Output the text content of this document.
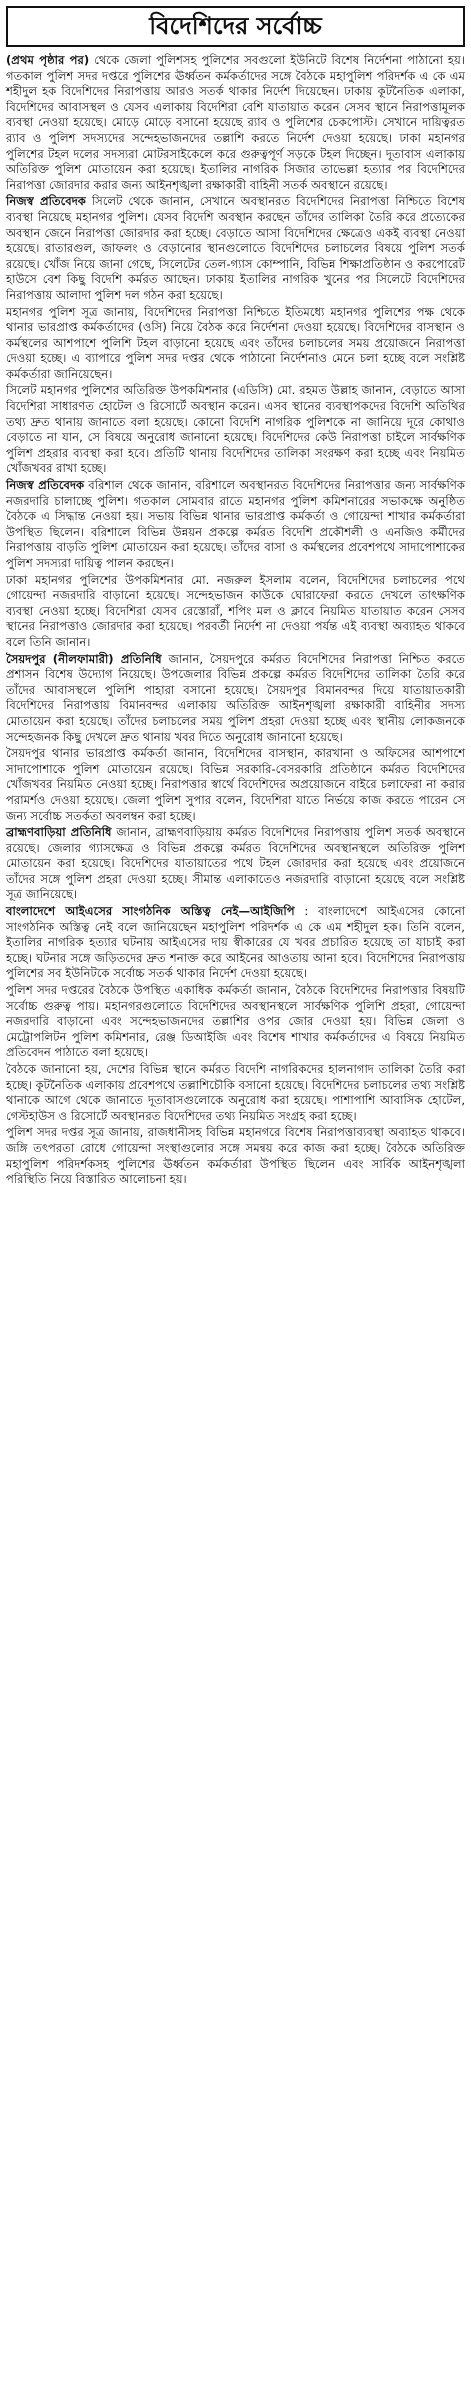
বিদেশিদের সর্বোচ্চ

(প্রথম পৃষ্ঠার পর) থেকে জেলা পুলিশসহ পুলিশের সবগুলো ইউনিটে বিশেষ নির্দেশনা পাঠানো হয়। গতকাল পুলিশ সদর দপ্তরে পুলিশের ঊর্ধ্বতন কর্মকর্তাদের সঙ্গে বৈঠকে মহাপুলিশ পরিদর্শক এ কে এম শহীদুল হক বিদেশিদের নিরাপত্তায় আরও সতর্ক থাকার নির্দেশ দিয়েছেন। ঢাকায় কূটনৈতিক এলাকা, বিদেশিদের আবাসস্থল ও যেসব এলাকায় বিদেশিরা বেশি যাতায়াত করেন সেসব স্থানে নিরাপত্তামূলক ব্যবস্থা নেওয়া হয়েছে। মোড়ে মোড়ে বসানো হয়েছে র‍্যাব ও পুলিশের চেকপোস্ট। সেখানে দায়িত্বরত র‍্যাব ও পুলিশ সদস্যদের সন্দেহভাজনদের তল্লাশি করতে নির্দেশ দেওয়া হয়েছে। ঢাকা মহানগর পুলিশের টহল দলের সদস্যরা মোটরসাইকেলে করে গুরুত্বপূর্ণ সড়কে টহল দিচ্ছেন। দূতাবাস এলাকায় অতিরিক্ত পুলিশ মোতায়েন করা হয়েছে। ইতালির নাগরিক সিজার তাভেল্লা হত্যার পর বিদেশিদের নিরাপত্তা জোরদার করার জন্য আইনশৃঙ্খলা রক্ষাকারী বাহিনী সতর্ক অবস্থানে রয়েছে।

নিজস্ব প্রতিবেদক সিলেট থেকে জানান, সেখানে অবস্থানরত বিদেশিদের নিরাপত্তা নিশ্চিতে বিশেষ ব্যবস্থা নিয়েছে মহানগর পুলিশ। যেসব বিদেশি অবস্থান করছেন তাঁদের তালিকা তৈরি করে প্রত্যেকের অবস্থান জেনে নিরাপত্তা জোরদার করা হচ্ছে। বেড়াতে আসা বিদেশিদের ক্ষেত্রেও একই ব্যবস্থা নেওয়া হয়েছে। রাতারগুল, জাফলং ও বেড়ানোর স্থানগুলোতে বিদেশিদের চলাচলের বিষয়ে পুলিশ সতর্ক রয়েছে। খোঁজ নিয়ে জানা গেছে, সিলেটের তেল-গ্যাস কোম্পানি, বিভিন্ন শিক্ষাপ্রতিষ্ঠান ও করপোরেট হাউসে বেশ কিছু বিদেশি কর্মরত আছেন। ঢাকায় ইতালির নাগরিক খুনের পর সিলেটে বিদেশিদের নিরাপত্তায় আলাদা পুলিশ দল গঠন করা হয়েছে।

মহানগর পুলিশ সূত্র জানায়, বিদেশিদের নিরাপত্তা নিশ্চিতে ইতিমধ্যে মহানগর পুলিশের পক্ষ থেকে থানার ভারপ্রাপ্ত কর্মকর্তাদের (ওসি) নিয়ে বৈঠক করে নির্দেশনা দেওয়া হয়েছে। বিদেশিদের বাসস্থান ও কর্মস্থলের আশপাশে পুলিশি টহল বাড়ানো হয়েছে এবং তাঁদের চলাচলের সময় প্রয়োজনে নিরাপত্তা দেওয়া হচ্ছে। এ ব্যাপারে পুলিশ সদর দপ্তর থেকে পাঠানো নির্দেশনাও মেনে চলা হচ্ছে বলে সংশ্লিষ্ট কর্মকর্তারা জানিয়েছেন।

সিলেট মহানগর পুলিশের অতিরিক্ত উপকমিশনার (এডিসি) মো. রহমত উল্লাহ জানান, বেড়াতে আসা বিদেশিরা সাধারণত হোটেল ও রিসোর্টে অবস্থান করেন। এসব স্থানের ব্যবস্থাপকদের বিদেশি অতিথির তথ্য দ্রুত থানায় জানাতে বলা হয়েছে। কোনো বিদেশি নাগরিক পুলিশকে না জানিয়ে দূরে কোথাও বেড়াতে না যান, সে বিষয়ে অনুরোধ জানানো হয়েছে। বিদেশিদের কেউ নিরাপত্তা চাইলে সার্বক্ষণিক পুলিশ প্রহরার ব্যবস্থা করা হবে। প্রতিটি থানায় বিদেশিদের তালিকা সংরক্ষণ করা হচ্ছে এবং নিয়মিত খোঁজখবর রাখা হচ্ছে।

নিজস্ব প্রতিবেদক বরিশাল থেকে জানান, বরিশালে অবস্থানরত বিদেশিদের নিরাপত্তার জন্য সার্বক্ষণিক নজরদারি চালাচ্ছে পুলিশ। গতকাল সোমবার রাতে মহানগর পুলিশ কমিশনারের সভাকক্ষে অনুষ্ঠিত বৈঠকে এ সিদ্ধান্ত নেওয়া হয়। সভায় বিভিন্ন থানার ভারপ্রাপ্ত কর্মকর্তা ও গোয়েন্দা শাখার কর্মকর্তারা উপস্থিত ছিলেন। বরিশালে বিভিন্ন উন্নয়ন প্রকল্পে কর্মরত বিদেশি প্রকৌশলী ও এনজিও কর্মীদের নিরাপত্তায় বাড়তি পুলিশ মোতায়েন করা হয়েছে। তাঁদের বাসা ও কর্মস্থলের প্রবেশপথে সাদাপোশাকের পুলিশ সদস্যরা দায়িত্ব পালন করছেন।

ঢাকা মহানগর পুলিশের উপকমিশনার মো. নজরুল ইসলাম বলেন, বিদেশিদের চলাচলের পথে গোয়েন্দা নজরদারি বাড়ানো হয়েছে। সন্দেহভাজন কাউকে ঘোরাফেরা করতে দেখলে তাৎক্ষণিক ব্যবস্থা নেওয়া হচ্ছে। বিদেশিরা যেসব রেস্তোরাঁ, শপিং মল ও ক্লাবে নিয়মিত যাতায়াত করেন সেসব স্থানের নিরাপত্তাও জোরদার করা হয়েছে। পরবর্তী নির্দেশ না দেওয়া পর্যন্ত এই ব্যবস্থা অব্যাহত থাকবে বলে তিনি জানান।

সৈয়দপুর (নীলফামারী) প্রতিনিধি জানান, সৈয়দপুরে কর্মরত বিদেশিদের নিরাপত্তা নিশ্চিত করতে প্রশাসন বিশেষ উদ্যোগ নিয়েছে। উপজেলার বিভিন্ন প্রকল্পে কর্মরত বিদেশিদের তালিকা তৈরি করে তাঁদের আবাসস্থলে পুলিশি পাহারা বসানো হয়েছে। সৈয়দপুর বিমানবন্দর দিয়ে যাতায়াতকারী বিদেশিদের নিরাপত্তায় বিমানবন্দর এলাকায় অতিরিক্ত আইনশৃঙ্খলা রক্ষাকারী বাহিনীর সদস্য মোতায়েন করা হয়েছে। তাঁদের চলাচলের সময় পুলিশ প্রহরা দেওয়া হচ্ছে এবং স্থানীয় লোকজনকে সন্দেহজনক কিছু দেখলে দ্রুত থানায় খবর দিতে অনুরোধ জানানো হয়েছে।

সৈয়দপুর থানার ভারপ্রাপ্ত কর্মকর্তা জানান, বিদেশিদের বাসস্থান, কারখানা ও অফিসের আশপাশে সাদাপোশাকে পুলিশ মোতায়েন রয়েছে। বিভিন্ন সরকারি-বেসরকারি প্রতিষ্ঠানে কর্মরত বিদেশিদের খোঁজখবর নিয়মিত নেওয়া হচ্ছে। নিরাপত্তার স্বার্থে বিদেশিদের অপ্রয়োজনে বাইরে চলাফেরা না করার পরামর্শও দেওয়া হয়েছে। জেলা পুলিশ সুপার বলেন, বিদেশিরা যাতে নির্ভয়ে কাজ করতে পারেন সে জন্য সর্বোচ্চ সতর্কতা অবলম্বন করা হচ্ছে।

ব্রাহ্মণবাড়িয়া প্রতিনিধি জানান, ব্রাহ্মণবাড়িয়ায় কর্মরত বিদেশিদের নিরাপত্তায় পুলিশ সতর্ক অবস্থানে রয়েছে। জেলার গ্যাসক্ষেত্র ও বিভিন্ন প্রকল্পে কর্মরত বিদেশিদের অবস্থানস্থলে অতিরিক্ত পুলিশ মোতায়েন করা হয়েছে। বিদেশিদের যাতায়াতের পথে টহল জোরদার করা হয়েছে এবং প্রয়োজনে তাঁদের সঙ্গে পুলিশ প্রহরা দেওয়া হচ্ছে। সীমান্ত এলাকাতেও নজরদারি বাড়ানো হয়েছে বলে সংশ্লিষ্ট সূত্র জানিয়েছে।

বাংলাদেশে আইএসের সাংগঠনিক অস্তিত্ব নেই—আইজিপি : বাংলাদেশে আইএসের কোনো সাংগঠনিক অস্তিত্ব নেই বলে জানিয়েছেন মহাপুলিশ পরিদর্শক এ কে এম শহীদুল হক। তিনি বলেন, ইতালির নাগরিক হত্যার ঘটনায় আইএসের দায় স্বীকারের যে খবর প্রচারিত হয়েছে তা যাচাই করা হচ্ছে। ঘটনার সঙ্গে জড়িতদের দ্রুত শনাক্ত করে আইনের আওতায় আনা হবে। বিদেশিদের নিরাপত্তায় পুলিশের সব ইউনিটকে সর্বোচ্চ সতর্ক থাকার নির্দেশ দেওয়া হয়েছে।

পুলিশ সদর দপ্তরের বৈঠকে উপস্থিত একাধিক কর্মকর্তা জানান, বৈঠকে বিদেশিদের নিরাপত্তার বিষয়টি সর্বোচ্চ গুরুত্ব পায়। মহানগরগুলোতে বিদেশিদের অবস্থানস্থলে সার্বক্ষণিক পুলিশি প্রহরা, গোয়েন্দা নজরদারি বাড়ানো এবং সন্দেহভাজনদের তল্লাশির ওপর জোর দেওয়া হয়। বিভিন্ন জেলা ও মেট্রোপলিটন পুলিশ কমিশনার, রেঞ্জ ডিআইজি এবং বিশেষ শাখার কর্মকর্তাদের এ বিষয়ে নিয়মিত প্রতিবেদন পাঠাতে বলা হয়েছে।

বৈঠকে জানানো হয়, দেশের বিভিন্ন স্থানে কর্মরত বিদেশি নাগরিকদের হালনাগাদ তালিকা তৈরি করা হচ্ছে। কূটনৈতিক এলাকায় প্রবেশপথে তল্লাশিচৌকি বসানো হয়েছে। বিদেশিদের চলাচলের তথ্য সংশ্লিষ্ট থানাকে আগে থেকে জানাতে দূতাবাসগুলোকে অনুরোধ করা হয়েছে। পাশাপাশি আবাসিক হোটেল, গেস্টহাউস ও রিসোর্টে অবস্থানরত বিদেশিদের তথ্য নিয়মিত সংগ্রহ করা হচ্ছে।

পুলিশ সদর দপ্তর সূত্র জানায়, রাজধানীসহ বিভিন্ন মহানগরে বিশেষ নিরাপত্তাব্যবস্থা অব্যাহত থাকবে। জঙ্গি তৎপরতা রোধে গোয়েন্দা সংস্থাগুলোর সঙ্গে সমন্বয় করে কাজ করা হচ্ছে। বৈঠকে অতিরিক্ত মহাপুলিশ পরিদর্শকসহ পুলিশের ঊর্ধ্বতন কর্মকর্তারা উপস্থিত ছিলেন এবং সার্বিক আইনশৃঙ্খলা পরিস্থিতি নিয়ে বিস্তারিত আলোচনা হয়।
